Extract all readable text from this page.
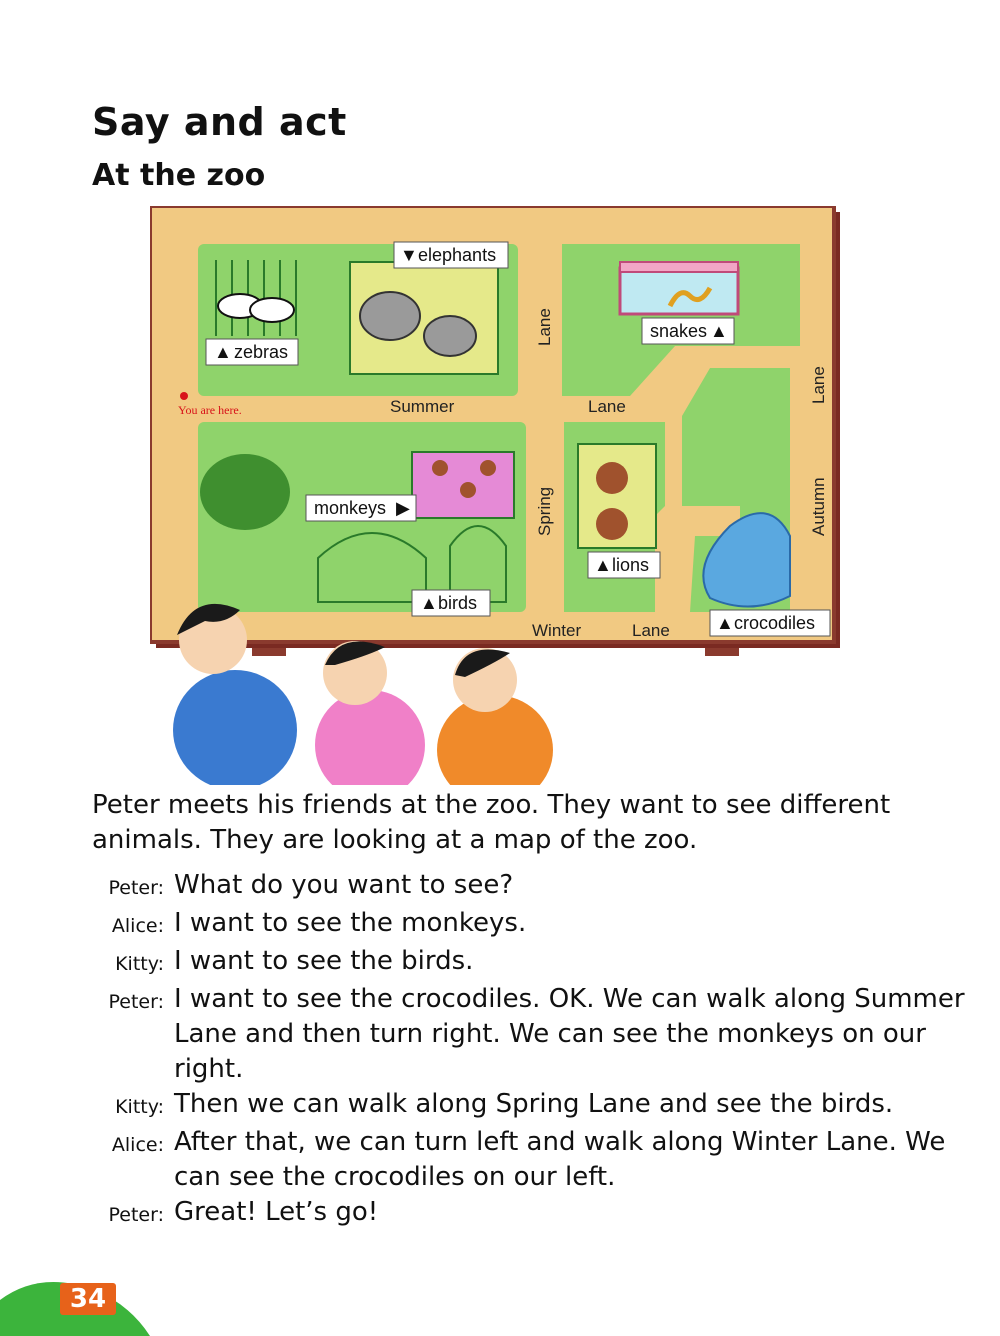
Say and act
At the zoo
You are here.	Summer	Lane
Lane
Spring	Autumn
Lane
Winter	Lane
▲ zebras
▼ elephants
snakes ▲
monkeys ▶
▲ birds
▲ lions
▲ crocodiles

Peter meets his friends at the zoo. They want to see different animals. They are looking at a map of the zoo.

Peter: What do you want to see?
Alice: I want to see the monkeys.
Kitty: I want to see the birds.
Peter: I want to see the crocodiles. OK. We can walk along Summer Lane and then turn right. We can see the monkeys on our right.
Kitty: Then we can walk along Spring Lane and see the birds.
Alice: After that, we can turn left and walk along Winter Lane. We can see the crocodiles on our left.
Peter: Great! Let’s go!
34
